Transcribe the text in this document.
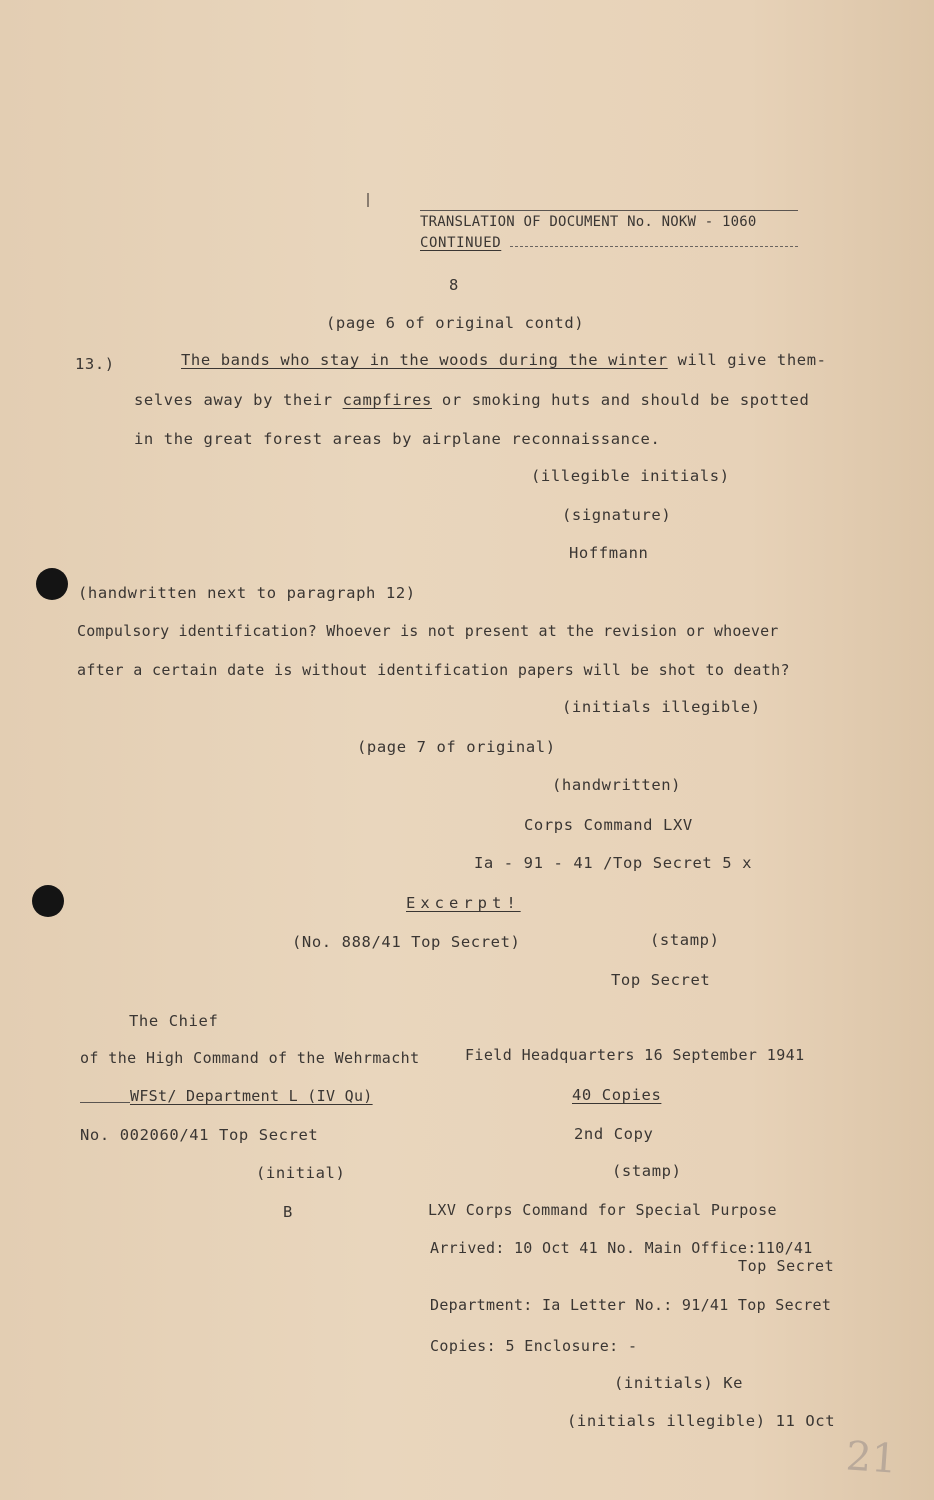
TRANSLATION OF DOCUMENT No. NOKW - 1060
CONTINUED
8
(page 6 of original contd)
13.)	The bands who stay in the woods during the winter will give them-
selves away by their campfires or smoking huts and should be spotted
in the great forest areas by airplane reconnaissance.
(illegible initials)
(signature)
Hoffmann
(handwritten next to paragraph 12)
Compulsory identification? Whoever is not present at the revision or whoever
after a certain date is without identification papers will be shot to death?
(initials illegible)
(page 7 of original)
(handwritten)
Corps Command LXV
Ia - 91 - 41 /Top Secret 5 x
Excerpt!
(No. 888/41 Top Secret)	(stamp)
Top Secret
The Chief
of the High Command of the Wehrmacht	Field Headquarters 16 September 1941
WFSt/ Department L (IV Qu)	40 Copies
No. 002060/41 Top Secret	2nd Copy
(initial)	(stamp)
B	LXV Corps Command for Special Purpose
Arrived: 10 Oct 41 No. Main Office:110/41
Top Secret
Department: Ia Letter No.: 91/41 Top Secret
Copies: 5 Enclosure: -
(initials) Ke
(initials illegible) 11 Oct
21
